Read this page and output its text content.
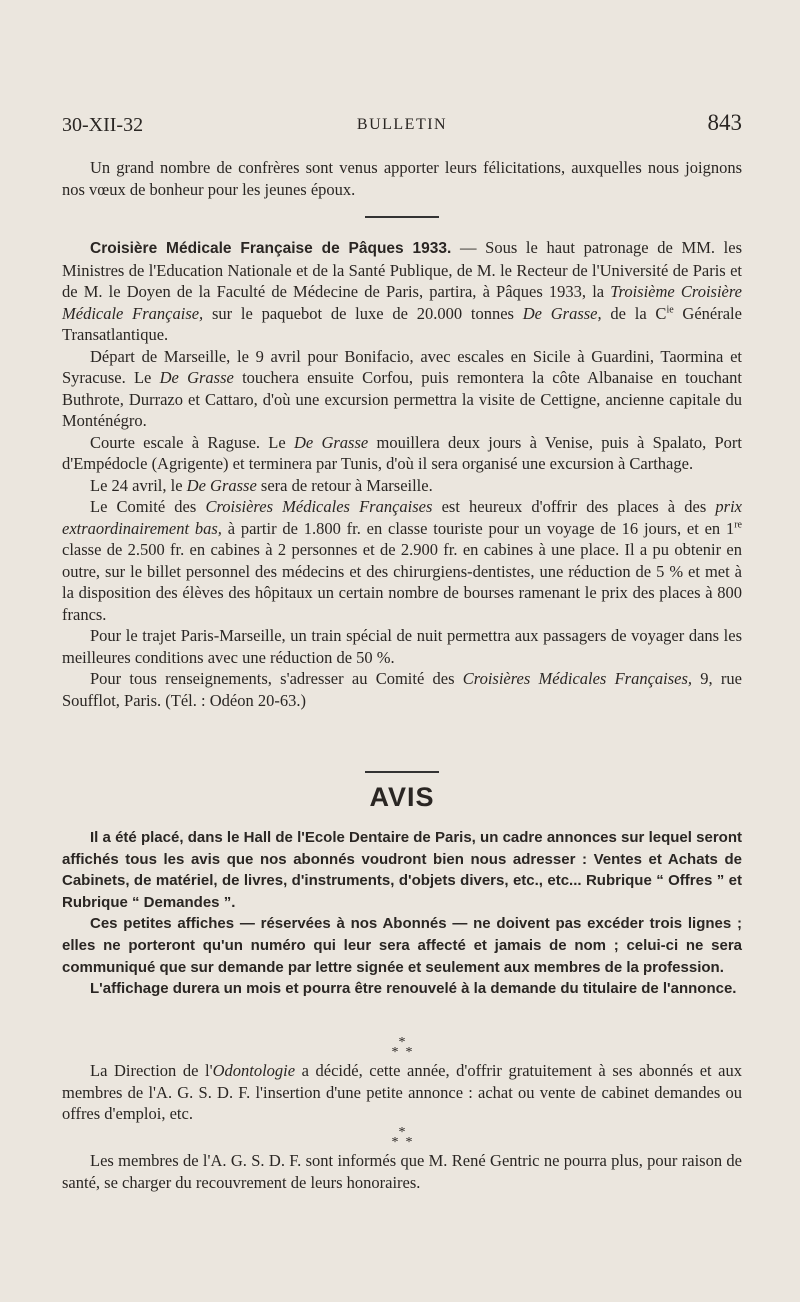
30-XII-32	BULLETIN	843

Un grand nombre de confrères sont venus apporter leurs félicitations, auxquelles nous joignons nos vœux de bonheur pour les jeunes époux.

Croisière Médicale Française de Pâques 1933. — Sous le haut patronage de MM. les Ministres de l'Education Nationale et de la Santé Publique, de M. le Recteur de l'Université de Paris et de M. le Doyen de la Faculté de Médecine de Paris, partira, à Pâques 1933, la Troisième Croisière Médicale Française, sur le paquebot de luxe de 20.000 tonnes De Grasse, de la $C^{ie}$ Générale Transatlantique.

Départ de Marseille, le 9 avril pour Bonifacio, avec escales en Sicile à Guardini, Taormina et Syracuse. Le De Grasse touchera ensuite Corfou, puis remontera la côte Albanaise en touchant Buthrote, Durrazo et Cattaro, d'où une excursion permettra la visite de Cettigne, ancienne capitale du Monténégro.

Courte escale à Raguse. Le De Grasse mouillera deux jours à Venise, puis à Spalato, Port d'Empédocle (Agrigente) et terminera par Tunis, d'où il sera organisé une excursion à Carthage.

Le 24 avril, le De Grasse sera de retour à Marseille.

Le Comité des Croisières Médicales Françaises est heureux d'offrir des places à des prix extraordinairement bas, à partir de 1.800 fr. en classe touriste pour un voyage de 16 jours, et en 1re classe de 2.500 fr. en cabines à 2 personnes et de 2.900 fr. en cabines à une place. Il a pu obtenir en outre, sur le billet personnel des médecins et des chirurgiens-dentistes, une réduction de 5 % et met à la disposition des élèves des hôpitaux un certain nombre de bourses ramenant le prix des places à 800 francs.

Pour le trajet Paris-Marseille, un train spécial de nuit permettra aux passagers de voyager dans les meilleures conditions avec une réduction de 50 %.

Pour tous renseignements, s'adresser au Comité des Croisières Médicales Françaises, 9, rue Soufflot, Paris. (Tél. : Odéon 20-63.)

AVIS

Il a été placé, dans le Hall de l'Ecole Dentaire de Paris, un cadre annonces sur lequel seront affichés tous les avis que nos abonnés voudront bien nous adresser : Ventes et Achats de Cabinets, de matériel, de livres, d'instruments, d'objets divers, etc., etc... Rubrique “ Offres ” et Rubrique “ Demandes ”.

Ces petites affiches — réservées à nos Abonnés — ne doivent pas excéder trois lignes ; elles ne porteront qu'un numéro qui leur sera affecté et jamais de nom ; celui-ci ne sera communiqué que sur demande par lettre signée et seulement aux membres de la profession.

L'affichage durera un mois et pourra être renouvelé à la demande du titulaire de l'annonce.

*

* *

La Direction de l'Odontologie a décidé, cette année, d'offrir gratuitement à ses abonnés et aux membres de l'A. G. S. D. F. l'insertion d'une petite annonce : achat ou vente de cabinet demandes ou offres d'emploi, etc.

*

* *

Les membres de l'A. G. S. D. F. sont informés que M. René Gentric ne pourra plus, pour raison de santé, se charger du recouvrement de leurs honoraires.
